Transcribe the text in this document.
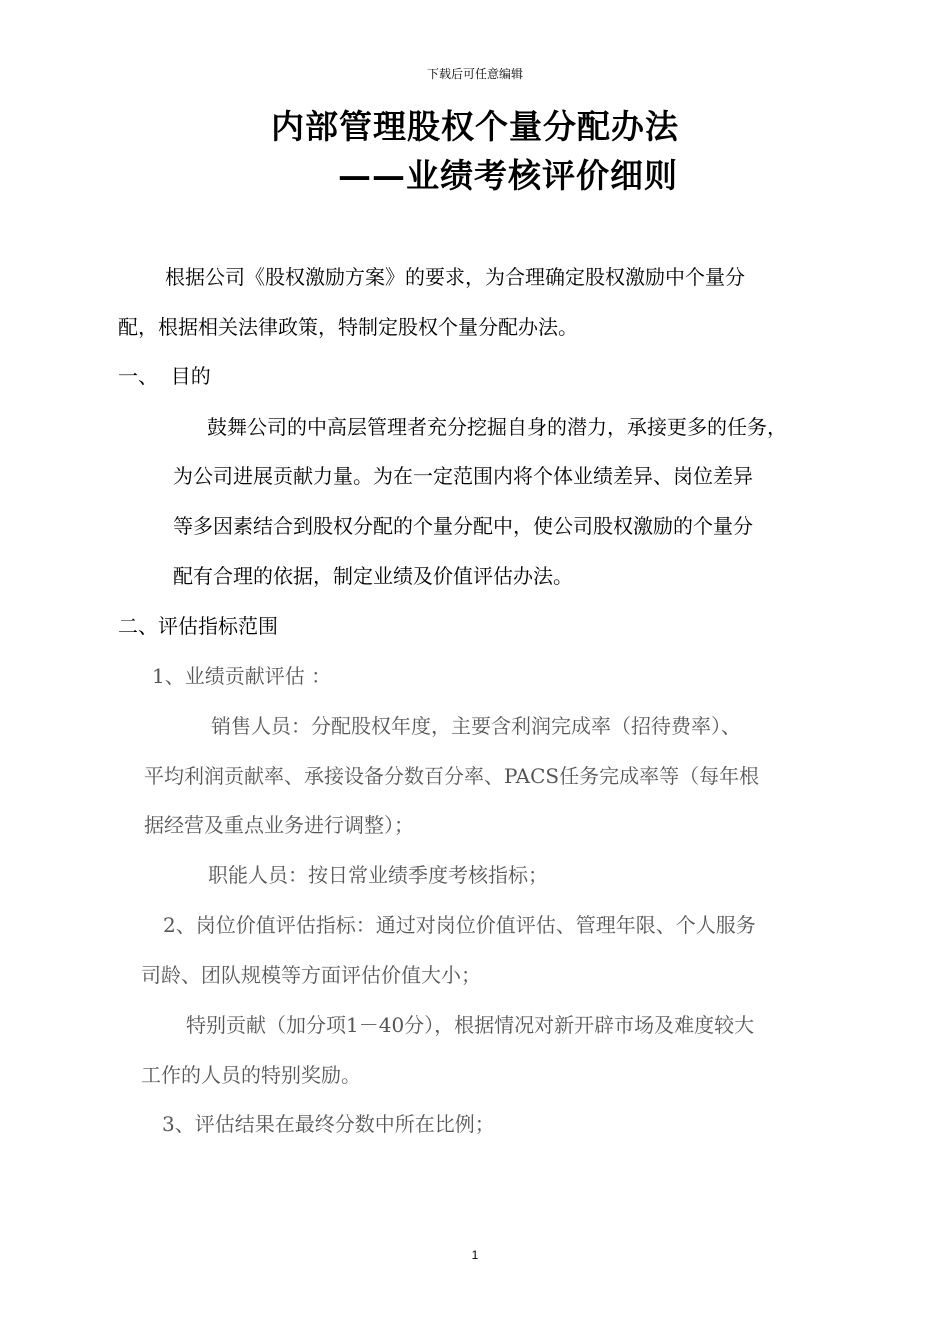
下载后可任意编辑
内部管理股权个量分配办法
——业绩考核评价细则
根据公司《股权激励方案》的要求，为合理确定股权激励中个量分
配，根据相关法律政策，特制定股权个量分配办法。
一、  目的
鼓舞公司的中高层管理者充分挖掘自身的潜力，承接更多的任务，
为公司进展贡献力量。为在一定范围内将个体业绩差异、岗位差异
等多因素结合到股权分配的个量分配中，使公司股权激励的个量分
配有合理的依据，制定业绩及价值评估办法。
二、评估指标范围
1、业绩贡献评估 ：
销售人员：分配股权年度，主要含利润完成率（招待费率）、
平均利润贡献率、承接设备分数百分率、PACS任务完成率等（每年根
据经营及重点业务进行调整）；
职能人员：按日常业绩季度考核指标；
2、岗位价值评估指标：通过对岗位价值评估、管理年限、个人服务
司龄、团队规模等方面评估价值大小；
特别贡献（加分项1－40分），根据情况对新开辟市场及难度较大
工作的人员的特别奖励。
3、评估结果在最终分数中所在比例；
1
